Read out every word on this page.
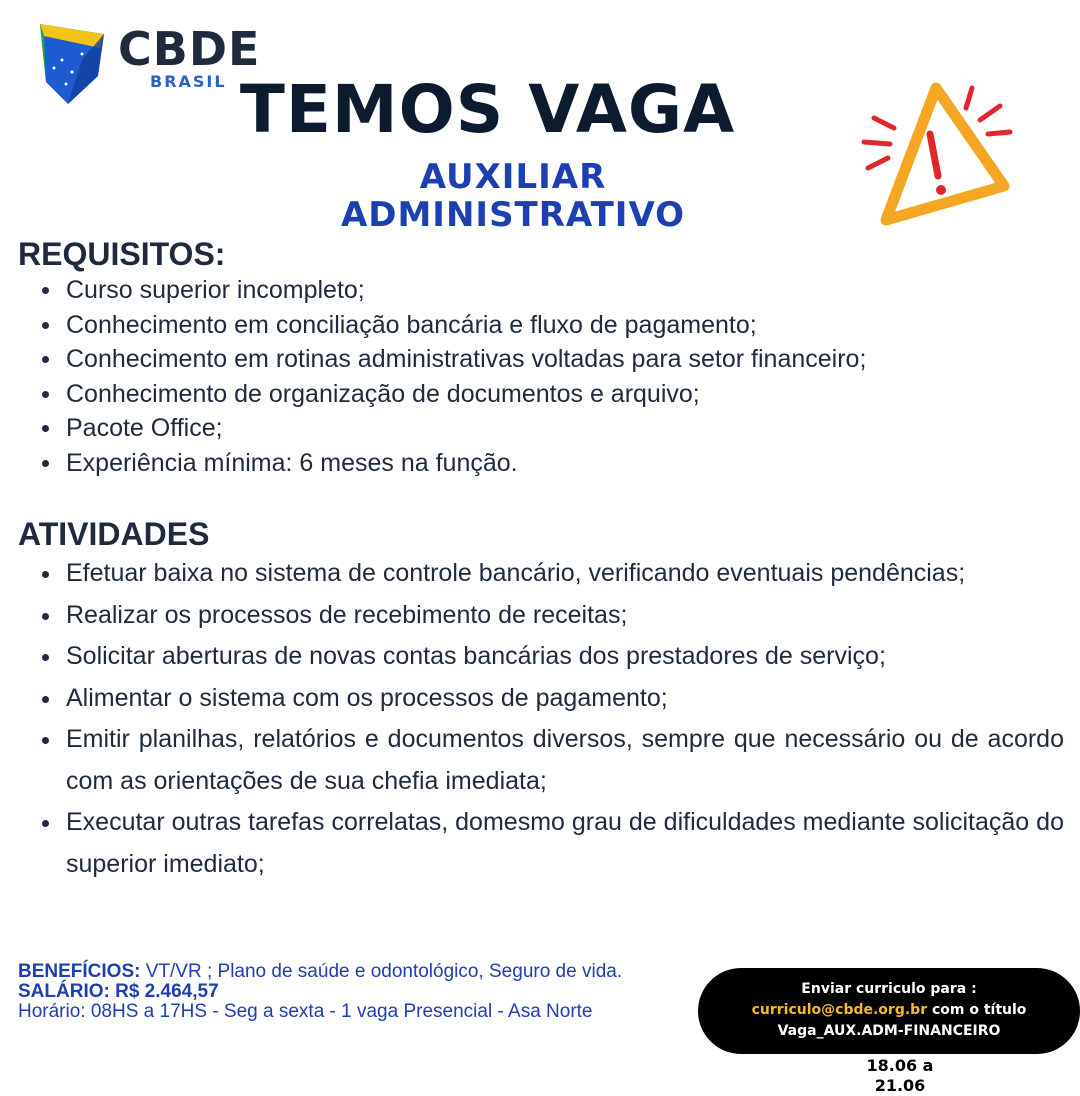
CBDE
BRASIL TEMOS VAGA
AUXILIAR
ADMINISTRATIVO
REQUISITOS:
Curso superior incompleto;
Conhecimento em conciliação bancária e fluxo de pagamento;
Conhecimento em rotinas administrativas voltadas para setor financeiro;
Conhecimento de organização de documentos e arquivo;
Pacote Office;
Experiência mínima: 6 meses na função.
ATIVIDADES
Efetuar baixa no sistema de controle bancário, verificando eventuais pendências;
Realizar os processos de recebimento de receitas;
Solicitar aberturas de novas contas bancárias dos prestadores de serviço;
Alimentar o sistema com os processos de pagamento;
Emitir planilhas, relatórios e documentos diversos, sempre que necessário ou de acordo com as orientações de sua chefia imediata;
Executar outras tarefas correlatas, domesmo grau de dificuldades mediante solicitação do superior imediato;
BENEFÍCIOS: VT/VR ; Plano de saúde e odontológico, Seguro de vida.
SALÁRIO: R$ 2.464,57
Horário: 08HS a 17HS - Seg a sexta - 1 vaga Presencial - Asa Norte
Enviar curriculo para :
curriculo@cbde.org.br com o título
Vaga_AUX.ADM-FINANCEIRO
18.06 a 21.06
